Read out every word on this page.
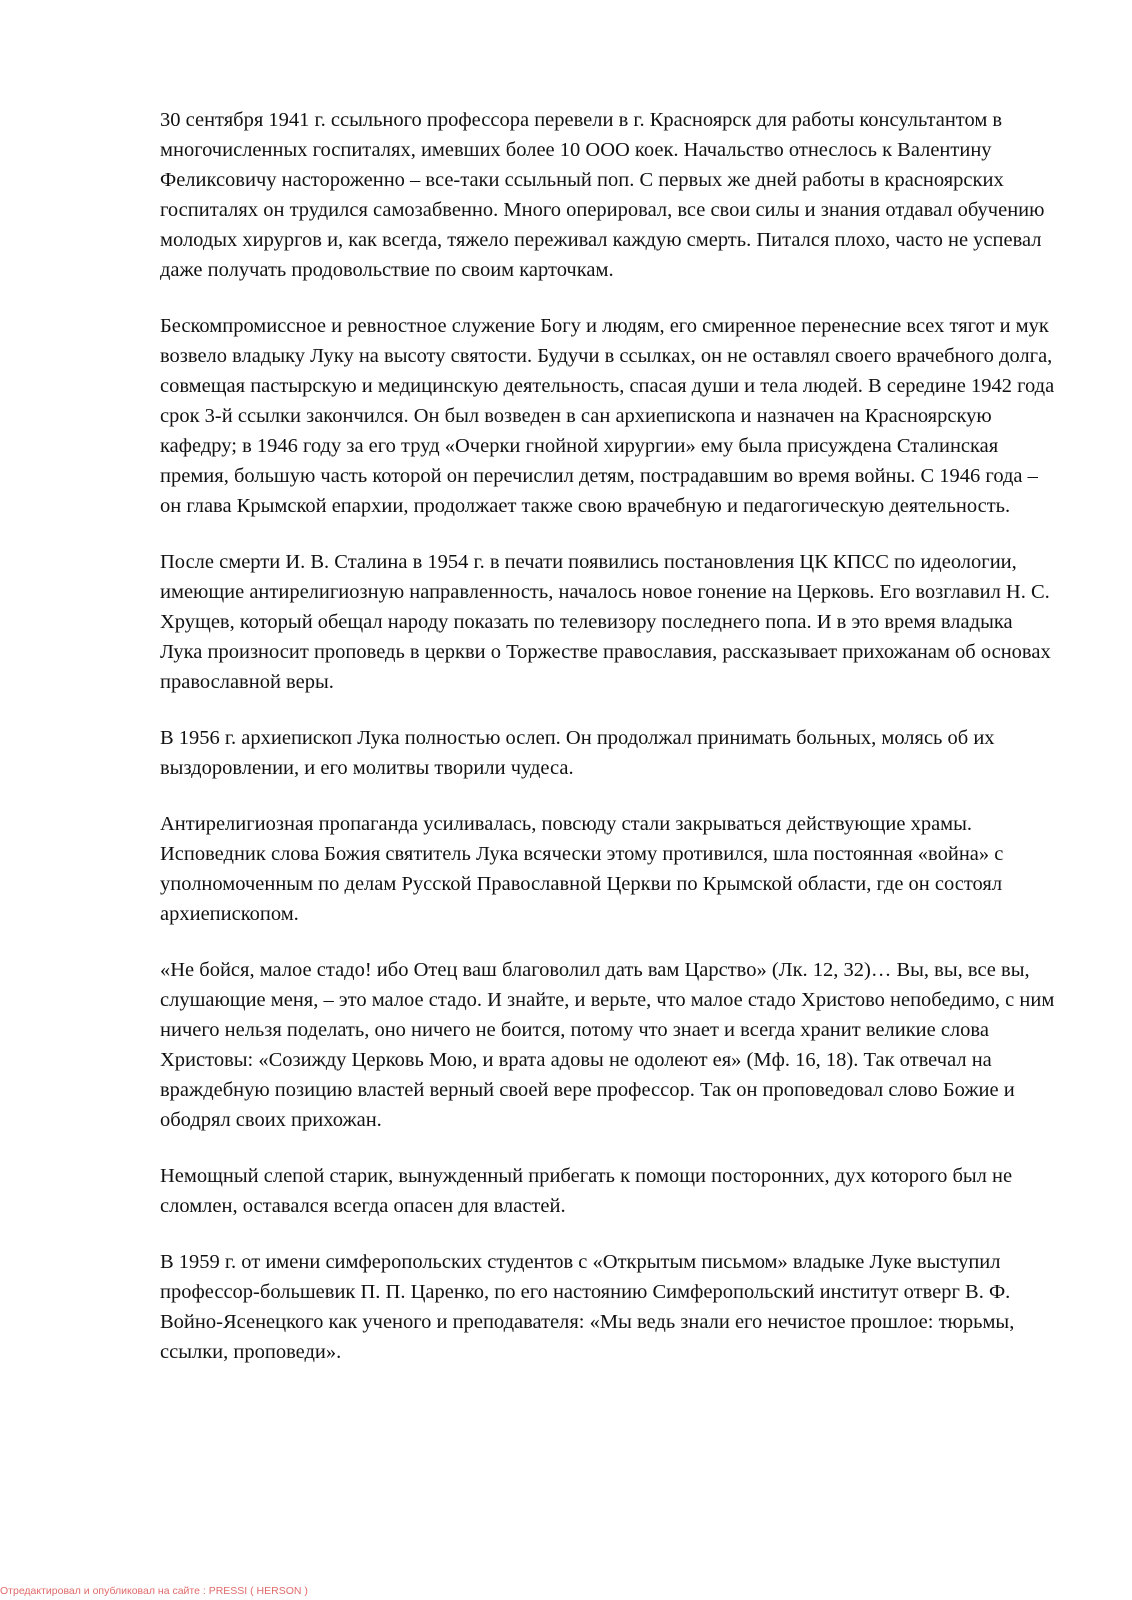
30 сентября 1941 г. ссыльного профессора перевели в г. Красноярск для работы консультантом в многочисленных госпиталях, имевших более 10 ООО коек. Начальство отнеслось к Валентину Феликсовичу настороженно – все-таки ссыльный поп. С первых же дней работы в красноярских госпиталях он трудился самозабвенно. Много оперировал, все свои силы и знания отдавал обучению молодых хирургов и, как всегда, тяжело переживал каждую смерть. Питался плохо, часто не успевал даже получать продовольствие по своим карточкам.

Бескомпромиссное и ревностное служение Богу и людям, его смиренное перенесние всех тягот и мук возвело владыку Луку на высоту святости. Будучи в ссылках, он не оставлял своего врачебного долга, совмещая пастырскую и медицинскую деятельность, спасая души и тела людей. В середине 1942 года срок 3-й ссылки закончился. Он был возведен в сан архиепископа и назначен на Красноярскую кафедру; в 1946 году за его труд «Очерки гнойной хирургии» ему была присуждена Сталинская премия, большую часть которой он перечислил детям, пострадавшим во время войны. С 1946 года – он глава Крымской епархии, продолжает также свою врачебную и педагогическую деятельность.

После смерти И. В. Сталина в 1954 г. в печати появились постановления ЦК КПСС по идеологии, имеющие антирелигиозную направленность, началось новое гонение на Церковь. Его возглавил Н. С. Хрущев, который обещал народу показать по телевизору последнего попа. И в это время владыка Лука произносит проповедь в церкви о Торжестве православия, рассказывает прихожанам об основах православной веры.

В 1956 г. архиепископ Лука полностью ослеп. Он продолжал принимать больных, молясь об их выздоровлении, и его молитвы творили чудеса.

Антирелигиозная пропаганда усиливалась, повсюду стали закрываться действующие храмы. Исповедник слова Божия святитель Лука всячески этому противился, шла постоянная «война» с уполномоченным по делам Русской Православной Церкви по Крымской области, где он состоял архиепископом.

«Не бойся, малое стадо! ибо Отец ваш благоволил дать вам Царство» (Лк. 12, 32)… Вы, вы, все вы, слушающие меня, – это малое стадо. И знайте, и верьте, что малое стадо Христово непобедимо, с ним ничего нельзя поделать, оно ничего не боится, потому что знает и всегда хранит великие слова Христовы: «Созижду Церковь Мою, и врата адовы не одолеют ея» (Мф. 16, 18). Так отвечал на враждебную позицию властей верный своей вере профессор. Так он проповедовал слово Божие и ободрял своих прихожан.

Немощный слепой старик, вынужденный прибегать к помощи посторонних, дух которого был не сломлен, оставался всегда опасен для властей.

В 1959 г. от имени симферопольских студентов с «Открытым письмом» владыке Луке выступил профессор-большевик П. П. Царенко, по его настоянию Симферопольский институт отверг В. Ф. Войно-Ясенецкого как ученого и преподавателя: «Мы ведь знали его нечистое прошлое: тюрьмы, ссылки, проповеди».

Отредактировал и опубликовал на сайте : PRESSI ( HERSON )
